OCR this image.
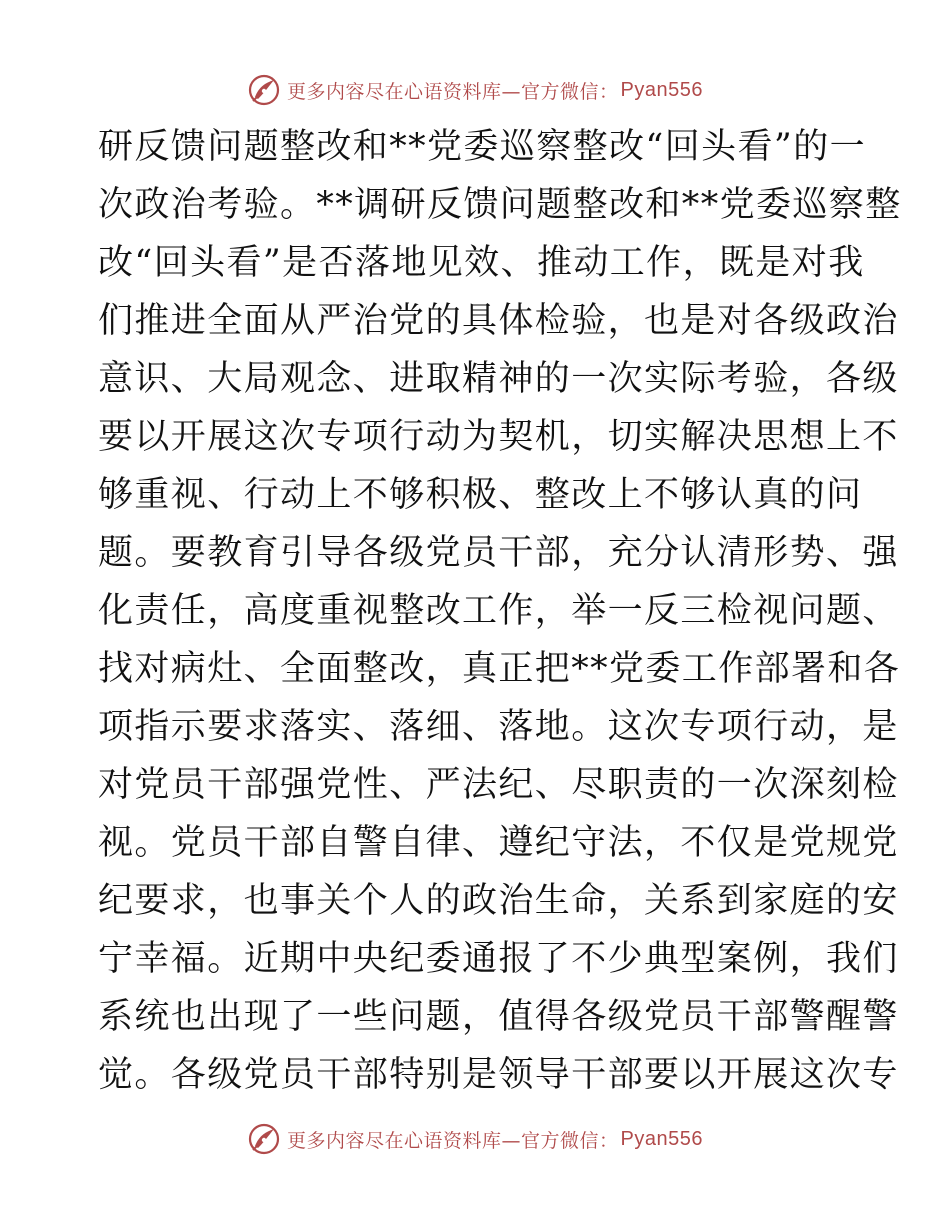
更多内容尽在心语资料库—官方微信： Pyan556
研反馈问题整改和**党委巡察整改“回头看”的一
次政治考验。**调研反馈问题整改和**党委巡察整
改“回头看”是否落地见效、推动工作，既是对我
们推进全面从严治党的具体检验，也是对各级政治
意识、大局观念、进取精神的一次实际考验，各级
要以开展这次专项行动为契机，切实解决思想上不
够重视、行动上不够积极、整改上不够认真的问
题。要教育引导各级党员干部，充分认清形势、强
化责任，高度重视整改工作，举一反三检视问题、
找对病灶、全面整改，真正把**党委工作部署和各
项指示要求落实、落细、落地。这次专项行动，是
对党员干部强党性、严法纪、尽职责的一次深刻检
视。党员干部自警自律、遵纪守法，不仅是党规党
纪要求，也事关个人的政治生命，关系到家庭的安
宁幸福。近期中央纪委通报了不少典型案例，我们
系统也出现了一些问题，值得各级党员干部警醒警
觉。各级党员干部特别是领导干部要以开展这次专
更多内容尽在心语资料库—官方微信： Pyan556
